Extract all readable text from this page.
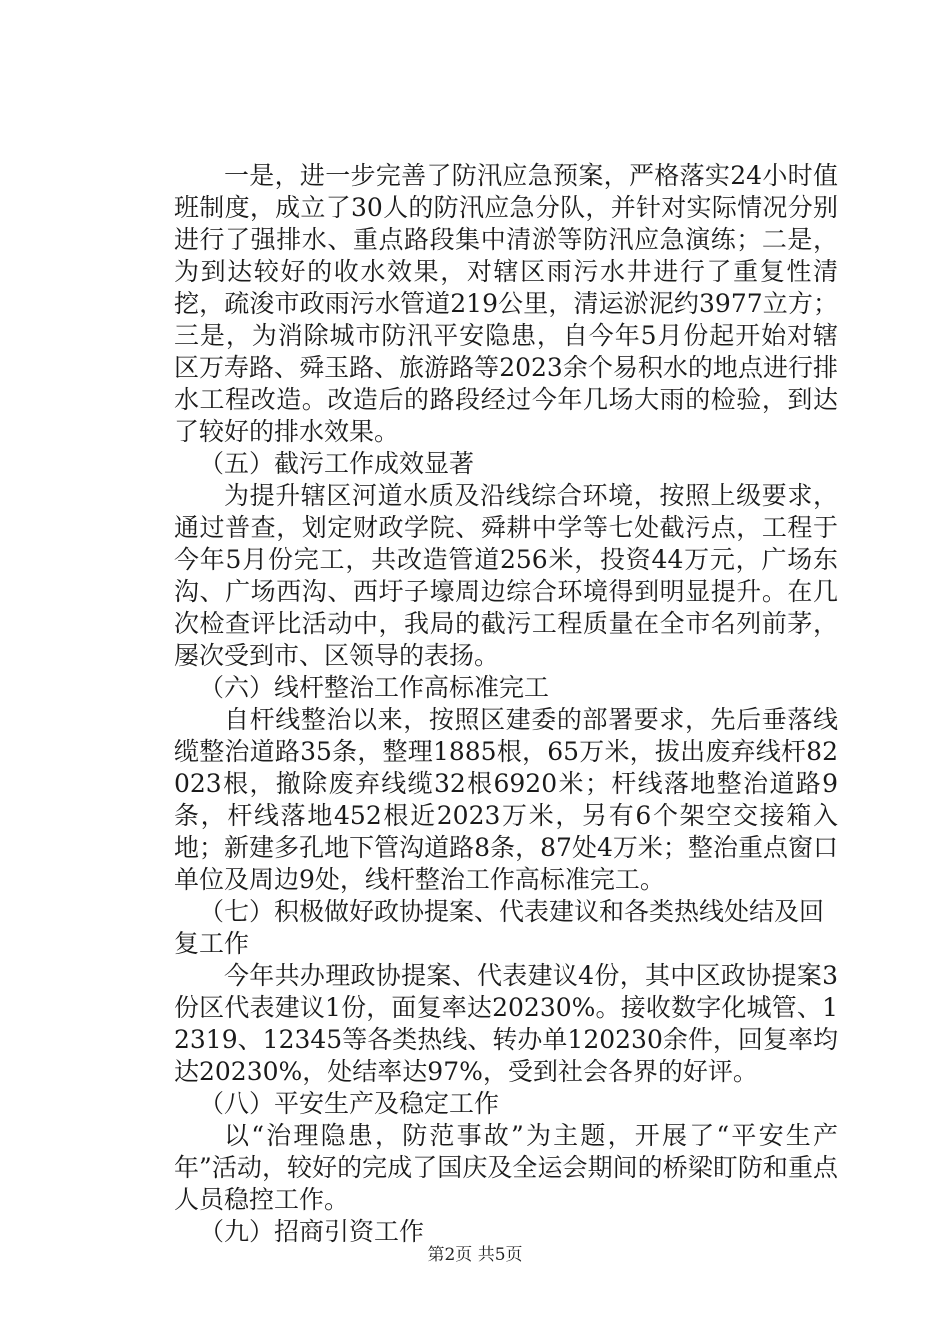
一是，进一步完善了防汛应急预案，严格落实24小时值班制度，成立了30人的防汛应急分队，并针对实际情况分别进行了强排水、重点路段集中清淤等防汛应急演练；二是，为到达较好的收水效果，对辖区雨污水井进行了重复性清挖，疏浚市政雨污水管道219公里，清运淤泥约3977立方；三是，为消除城市防汛平安隐患，自今年5月份起开始对辖区万寿路、舜玉路、旅游路等2023余个易积水的地点进行排水工程改造。改造后的路段经过今年几场大雨的检验，到达了较好的排水效果。

（五）截污工作成效显著

为提升辖区河道水质及沿线综合环境，按照上级要求，通过普查，划定财政学院、舜耕中学等七处截污点，工程于今年5月份完工，共改造管道256米，投资44万元，广场东沟、广场西沟、西圩子壕周边综合环境得到明显提升。在几次检查评比活动中，我局的截污工程质量在全市名列前茅，屡次受到市、区领导的表扬。

（六）线杆整治工作高标准完工

自杆线整治以来，按照区建委的部署要求，先后垂落线缆整治道路35条，整理1885根，65万米，拔出废弃线杆82023根，撤除废弃线缆32根6920米；杆线落地整治道路9条，杆线落地452根近2023万米，另有6个架空交接箱入地；新建多孔地下管沟道路8条，87处4万米；整治重点窗口单位及周边9处，线杆整治工作高标准完工。

（七）积极做好政协提案、代表建议和各类热线处结及回复工作

今年共办理政协提案、代表建议4份，其中区政协提案3份区代表建议1份，面复率达20230%。接收数字化城管、12319、12345等各类热线、转办单120230余件，回复率均达20230%，处结率达97%，受到社会各界的好评。

（八）平安生产及稳定工作

以“治理隐患，防范事故”为主题，开展了“平安生产年”活动，较好的完成了国庆及全运会期间的桥梁盯防和重点人员稳控工作。

（九）招商引资工作

第2页 共5页
